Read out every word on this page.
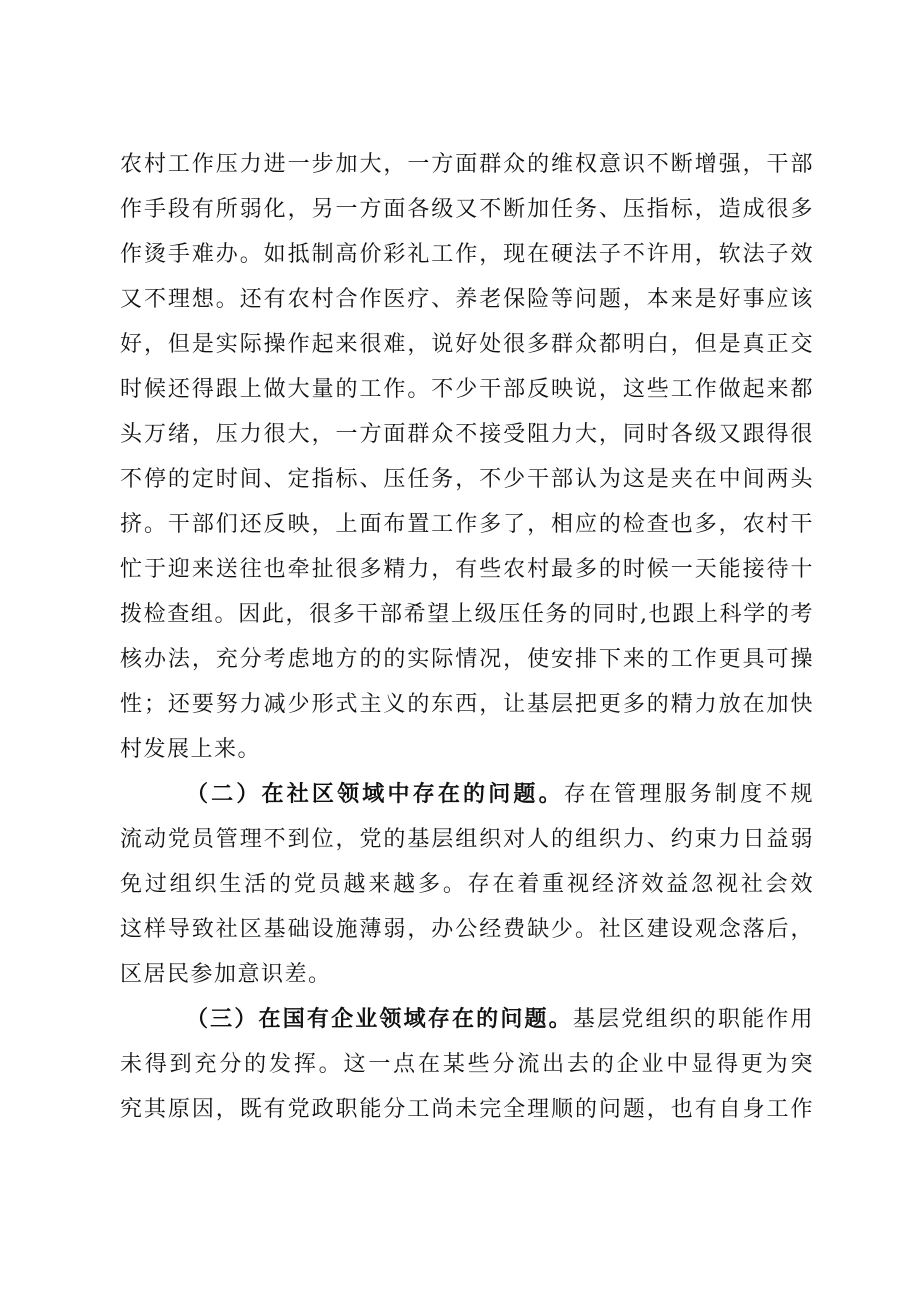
农村工作压力进一步加大，一方面群众的维权意识不断增强，干部
作手段有所弱化，另一方面各级又不断加任务、压指标，造成很多
作烫手难办。如抵制高价彩礼工作，现在硬法子不许用，软法子效
又不理想。还有农村合作医疗、养老保险等问题，本来是好事应该
好，但是实际操作起来很难，说好处很多群众都明白，但是真正交
时候还得跟上做大量的工作。不少干部反映说，这些工作做起来都
头万绪，压力很大，一方面群众不接受阻力大，同时各级又跟得很
不停的定时间、定指标、压任务，不少干部认为这是夹在中间两头
挤。干部们还反映，上面布置工作多了，相应的检查也多，农村干
忙于迎来送往也牵扯很多精力，有些农村最多的时候一天能接待十
拨检查组。因此，很多干部希望上级压任务的同时,也跟上科学的考
核办法，充分考虑地方的的实际情况，使安排下来的工作更具可操
性；还要努力减少形式主义的东西，让基层把更多的精力放在加快
村发展上来。
（二）在社区领域中存在的问题。存在管理服务制度不规
流动党员管理不到位，党的基层组织对人的组织力、约束力日益弱
免过组织生活的党员越来越多。存在着重视经济效益忽视社会效
这样导致社区基础设施薄弱，办公经费缺少。社区建设观念落后，
区居民参加意识差。
（三）在国有企业领域存在的问题。基层党组织的职能作用
未得到充分的发挥。这一点在某些分流出去的企业中显得更为突
究其原因，既有党政职能分工尚未完全理顺的问题，也有自身工作
